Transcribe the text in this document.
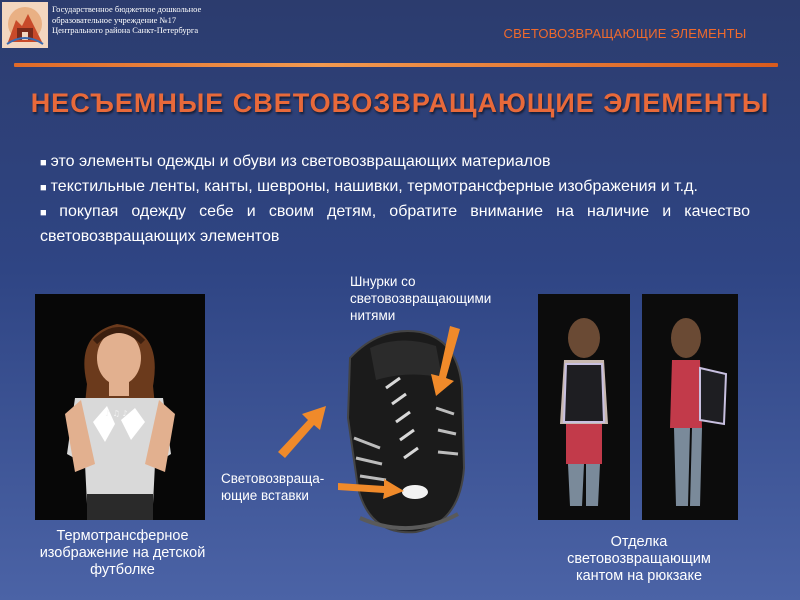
Государственное бюджетное дошкольное образовательное учреждение №17 Центрального района Санкт-Петербурга	СВЕТОВОЗВРАЩАЮЩИЕ ЭЛЕМЕНТЫ
НЕСЪЕМНЫЕ СВЕТОВОЗВРАЩАЮЩИЕ ЭЛЕМЕНТЫ
■ это элементы одежды и обуви из световозвращающих материалов
■ текстильные ленты, канты, шевроны, нашивки, термотрансферные изображения и т.д.
■ покупая одежду себе и своим детям, обратите внимание на наличие и качество световозвращающих элементов
♪ ♫ ♪
Термотрансферное изображение на детской футболке
Шнурки со световозвращающими нитями
Световозвраща-ющие вставки
Отделка световозвращающим кантом на рюкзаке
